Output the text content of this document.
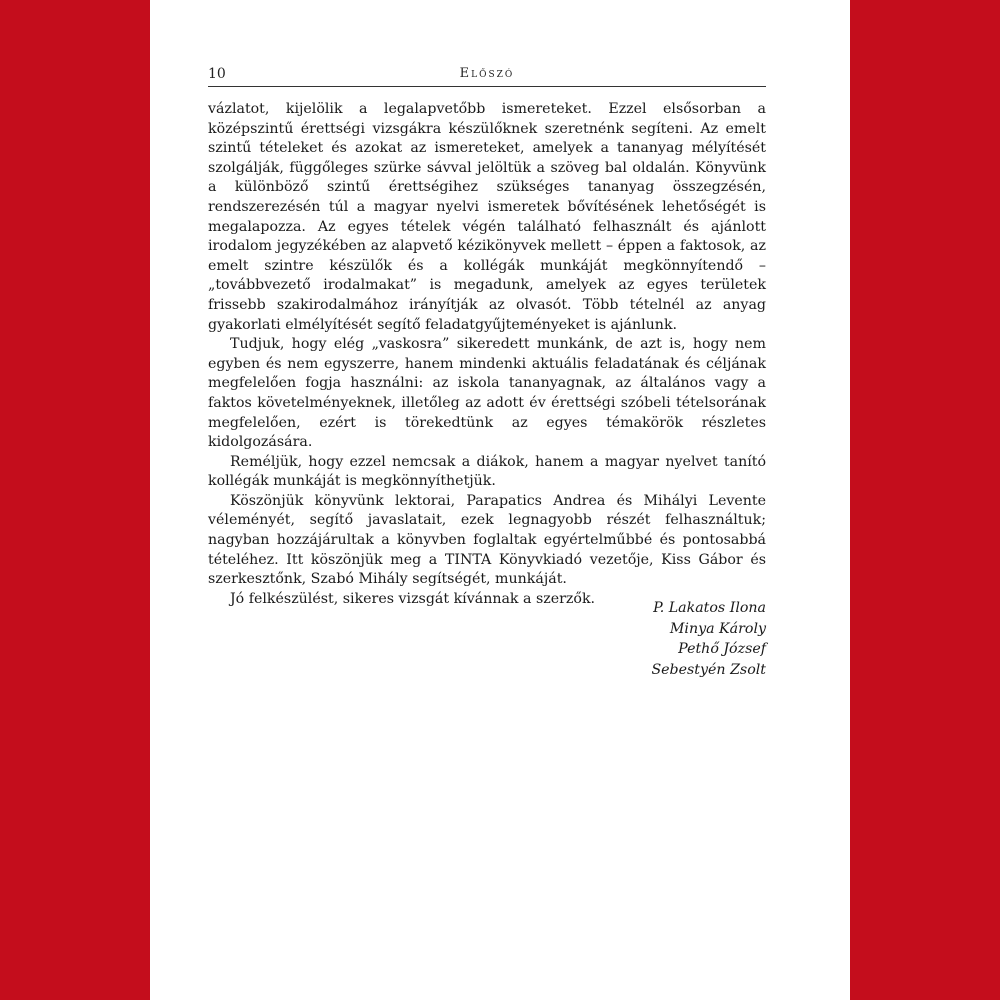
10	Előszó

vázlatot, kijelölik a legalapvetőbb ismereteket. Ezzel elsősorban a középszintű érettségi vizsgákra készülőknek szeretnénk segíteni. Az emelt szintű tételeket és azokat az ismereteket, amelyek a tananyag mélyítését szolgálják, függőleges szürke sávval jelöltük a szöveg bal oldalán. Könyvünk a különböző szintű érettségihez szükséges tananyag összegzésén, rendszerezésén túl a magyar nyelvi ismeretek bővítésének lehetőségét is megalapozza. Az egyes tételek végén található felhasznált és ajánlott irodalom jegyzékében az alapvető kézikönyvek mellett – éppen a faktosok, az emelt szintre készülők és a kollégák munkáját megkönnyítendő – „továbbvezető irodalmakat” is megadunk, amelyek az egyes területek frissebb szakirodalmához irányítják az olvasót. Több tételnél az anyag gyakorlati elmélyítését segítő feladatgyűjteményeket is ajánlunk.

Tudjuk, hogy elég „vaskosra” sikeredett munkánk, de azt is, hogy nem egyben és nem egyszerre, hanem mindenki aktuális feladatának és céljának megfelelően fogja használni: az iskola tananyagnak, az általános vagy a faktos követelményeknek, illetőleg az adott év érettségi szóbeli tételsorának megfelelően, ezért is törekedtünk az egyes témakörök részletes kidolgozására.

Reméljük, hogy ezzel nemcsak a diákok, hanem a magyar nyelvet tanító kollégák munkáját is megkönnyíthetjük.

Köszönjük könyvünk lektorai, Parapatics Andrea és Mihályi Levente véleményét, segítő javaslatait, ezek legnagyobb részét felhasználtuk; nagyban hozzájárultak a könyvben foglaltak egyértelműbbé és pontosabbá tételéhez. Itt köszönjük meg a TINTA Könyvkiadó vezetője, Kiss Gábor és szerkesztőnk, Szabó Mihály segítségét, munkáját.

Jó felkészülést, sikeres vizsgát kívánnak a szerzők.

P. Lakatos Ilona
Minya Károly
Pethő József
Sebestyén Zsolt
